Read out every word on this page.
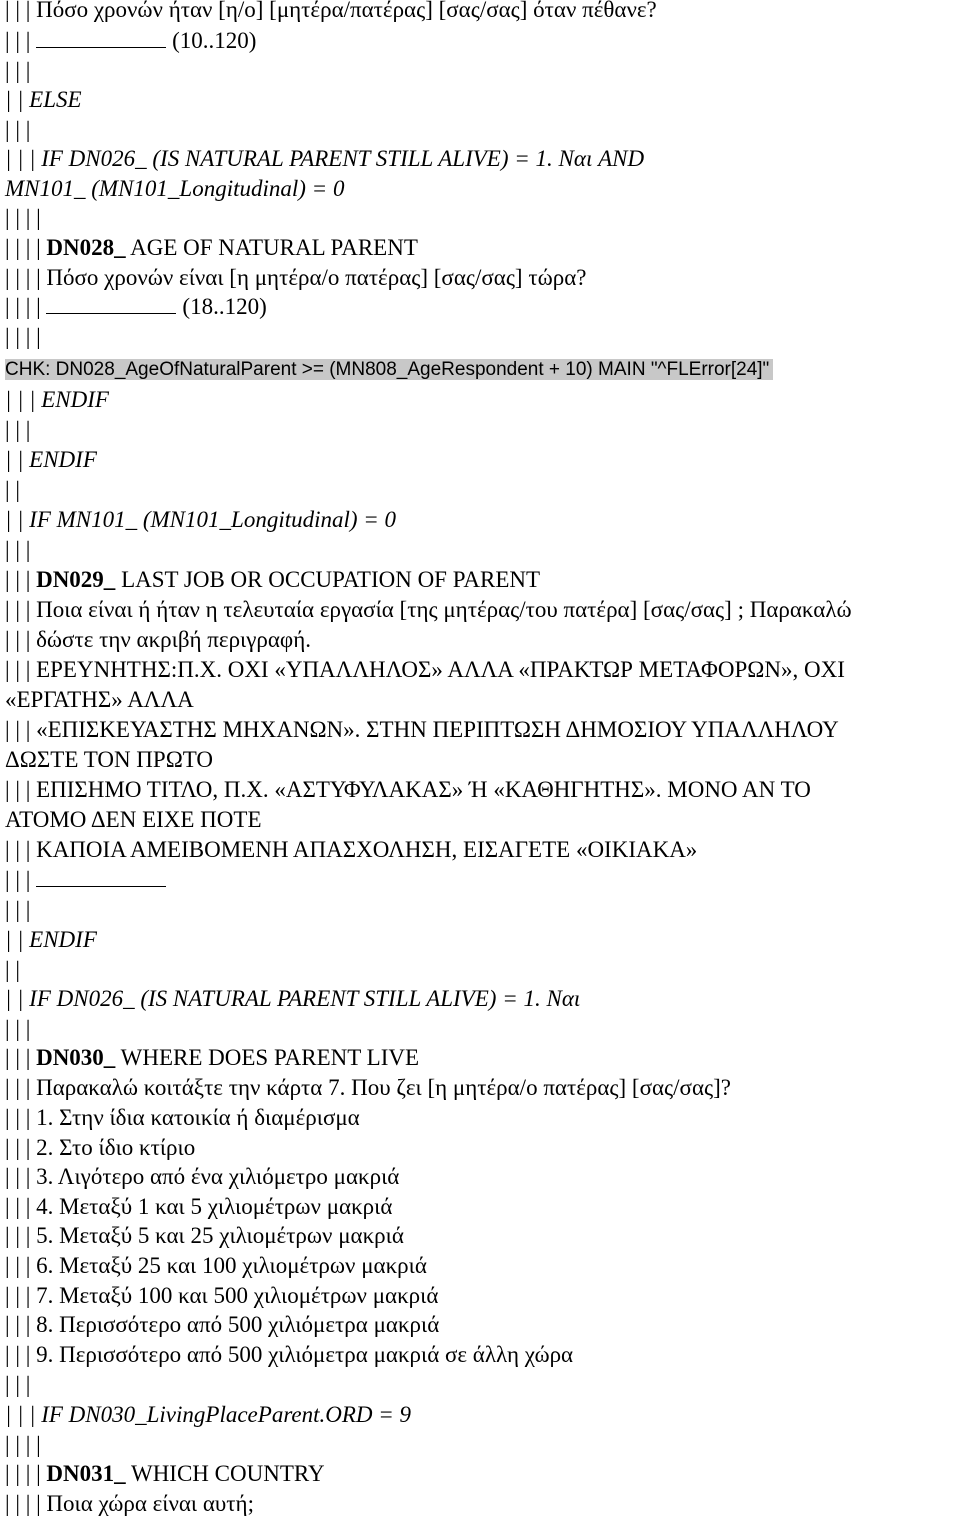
| | | Πόσο χρονών ήταν [η/ο] [μητέρα/πατέρας] [σας/σας] όταν πέθανε?
| | |	(10..120)
| | |
| | ELSE
| | |
| | | IF DN026_ (IS NATURAL PARENT STILL ALIVE) = 1. Ναι AND
MN101_ (MN101_Longitudinal) = 0
| | | |
| | | | DN028_ AGE OF NATURAL PARENT
| | | | Πόσο χρονών είναι [η μητέρα/ο πατέρας] [σας/σας] τώρα?
| | | |	(18..120)
| | | |
CHK: DN028_AgeOfNaturalParent >= (MN808_AgeRespondent + 10) MAIN "^FLError[24]"
| | | ENDIF
| | |
| | ENDIF
| |
| | IF MN101_ (MN101_Longitudinal) = 0
| | |
| | | DN029_ LAST JOB OR OCCUPATION OF PARENT
| | | Ποια είναι ή ήταν η τελευταία εργασία [της μητέρας/του πατέρα] [σας/σας] ; Παρακαλώ
| | | δώστε την ακριβή περιγραφή.
| | | ΕΡΕΥΝΗΤΗΣ:Π.Χ. ΟΧΙ «ΥΠΑΛΛΗΛΟΣ» ΑΛΛΑ «ΠΡΑΚΤΩΡ ΜΕΤΑΦΟΡΩΝ», ΟΧΙ
«ΕΡΓΑΤΗΣ» ΑΛΛΑ
| | | «ΕΠΙΣΚΕΥΑΣΤΗΣ ΜΗΧΑΝΩΝ». ΣΤΗΝ ΠΕΡΙΠΤΩΣΗ ΔΗΜΟΣΙΟΥ ΥΠΑΛΛΗΛΟΥ
ΔΩΣΤΕ ΤΟΝ ΠΡΩΤΟ
| | | ΕΠΙΣΗΜΟ ΤΙΤΛΟ, Π.Χ. «ΑΣΤΥΦΥΛΑΚΑΣ» Ή «ΚΑΘΗΓΗΤΗΣ». ΜΟΝΟ ΑΝ ΤΟ
ΑΤΟΜΟ ΔΕΝ ΕΙΧΕ ΠΟΤΕ
| | | ΚΑΠΟΙΑ ΑΜΕΙΒΟΜΕΝΗ ΑΠΑΣΧΟΛΗΣΗ, ΕΙΣΑΓΕΤΕ «ΟΙΚΙΑΚΑ»
| | |
| | |
| | ENDIF
| |
| | IF DN026_ (IS NATURAL PARENT STILL ALIVE) = 1. Ναι
| | |
| | | DN030_ WHERE DOES PARENT LIVE
| | | Παρακαλώ κοιτάξτε την κάρτα 7. Που ζει [η μητέρα/ο πατέρας] [σας/σας]?
| | | 1. Στην ίδια κατοικία ή διαμέρισμα
| | | 2. Στο ίδιο κτίριο
| | | 3. Λιγότερο από ένα χιλιόμετρο μακριά
| | | 4. Μεταξύ 1 και 5 χιλιομέτρων μακριά
| | | 5. Μεταξύ 5 και 25 χιλιομέτρων μακριά
| | | 6. Μεταξύ 25 και 100 χιλιομέτρων μακριά
| | | 7. Μεταξύ 100 και 500 χιλιομέτρων μακριά
| | | 8. Περισσότερο από 500 χιλιόμετρα μακριά
| | | 9. Περισσότερο από 500 χιλιόμετρα μακριά σε άλλη χώρα
| | |
| | | IF DN030_LivingPlaceParent.ORD = 9
| | | |
| | | | DN031_ WHICH COUNTRY
| | | | Ποια χώρα είναι αυτή;
